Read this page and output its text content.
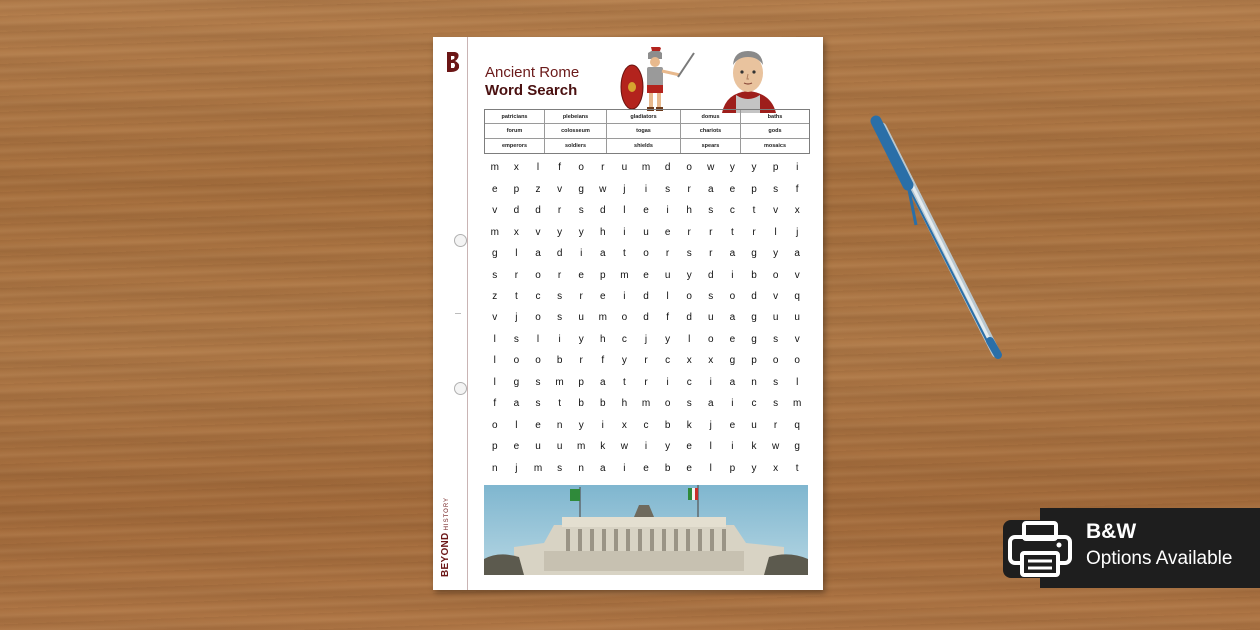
BEYONDHISTORY
Ancient Rome
Word Search
patricians	plebeians	gladiators	domus	baths
forum	colosseum	togas	chariots	gods
emperors	soldiers	shields	spears	mosaics
m	x	l	f	o	r	u	m	d	o	w	y	y	p	i
e	p	z	v	g	w	j	i	s	r	a	e	p	s	f
v	d	d	r	s	d	l	e	i	h	s	c	t	v	x
m	x	v	y	y	h	i	u	e	r	r	t	r	l	j
g	l	a	d	i	a	t	o	r	s	r	a	g	y	a
s	r	o	r	e	p	m	e	u	y	d	i	b	o	v
z	t	c	s	r	e	i	d	l	o	s	o	d	v	q
v	j	o	s	u	m	o	d	f	d	u	a	g	u	u
l	s	l	i	y	h	c	j	y	l	o	e	g	s	v
l	o	o	b	r	f	y	r	c	x	x	g	p	o	o
l	g	s	m	p	a	t	r	i	c	i	a	n	s	l
f	a	s	t	b	b	h	m	o	s	a	i	c	s	m
o	l	e	n	y	i	x	c	b	k	j	e	u	r	q
p	e	u	u	m	k	w	i	y	e	l	i	k	w	g
n	j	m	s	n	a	i	e	b	e	l	p	y	x	t
B&W
Options Available
